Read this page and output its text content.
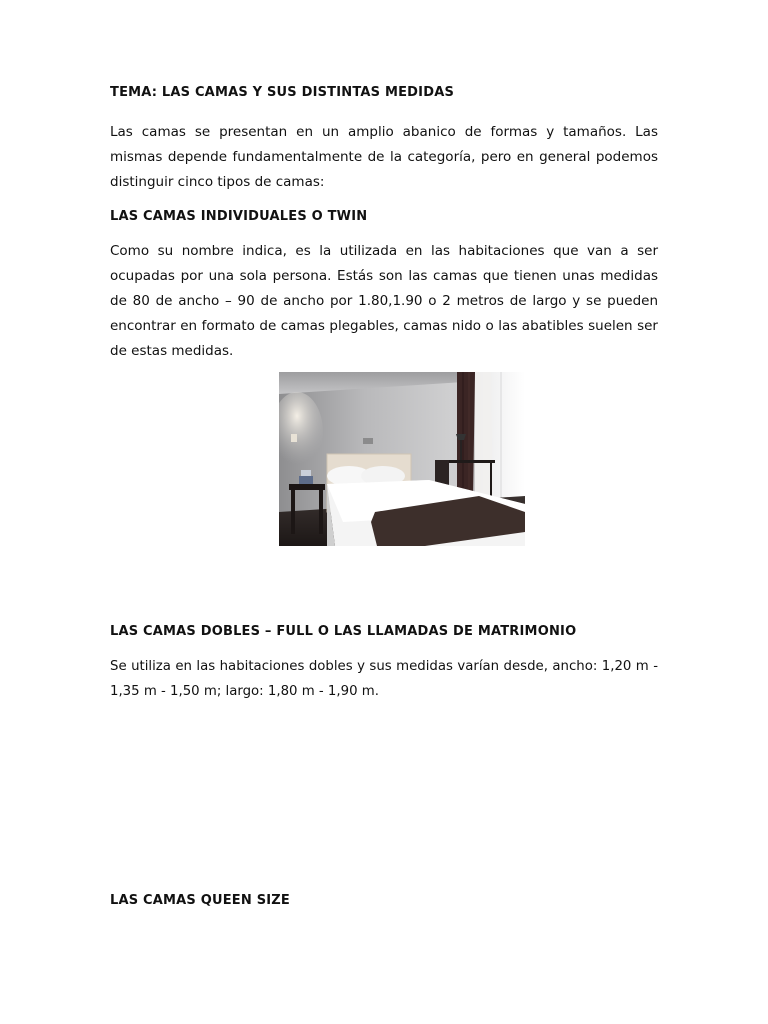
TEMA: LAS CAMAS Y SUS DISTINTAS MEDIDAS

Las camas se presentan en un amplio abanico de formas y tamaños. Las mismas depende fundamentalmente de la categoría, pero en general podemos distinguir cinco tipos de camas:

LAS CAMAS INDIVIDUALES O TWIN

Como su nombre indica, es la utilizada en las habitaciones que van a ser ocupadas por una sola persona. Estás son las camas que tienen unas medidas de 80 de ancho – 90 de ancho por 1.80,1.90 o 2 metros de largo y se pueden encontrar en formato de camas plegables, camas nido o las abatibles suelen ser de estas medidas.

LAS CAMAS DOBLES – FULL O LAS LLAMADAS DE MATRIMONIO

Se utiliza en las habitaciones dobles y sus medidas varían desde, ancho: 1,20 m - 1,35 m - 1,50 m; largo: 1,80 m - 1,90 m.

LAS CAMAS QUEEN SIZE
